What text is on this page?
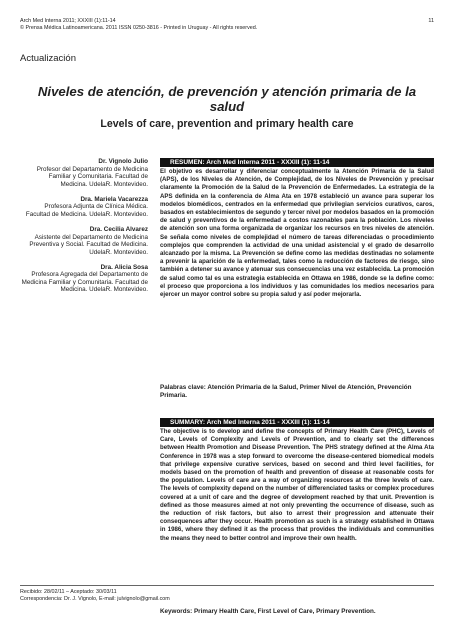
Arch Med Interna 2011; XXXIII (1):11-14
© Prensa Médica Latinoamericana. 2011 ISSN 0250-3816 - Printed in Uruguay - All rights reserved.
11
Actualización
Niveles de atención, de prevención y atención primaria de la salud
Levels of care, prevention and primary health care
Dr. Vignolo Julio
Profesor del Departamento de Medicina Familiar y Comunitaria. Facultad de Medicina. UdelaR. Montevideo.
Dra. Mariela Vacarezza
Profesora Adjunta de Clínica Médica. Facultad de Medicina. UdelaR. Montevideo.
Dra. Cecilia Alvarez
Asistente del Departamento de Medicina Preventiva y Social. Facultad de Medicina. UdelaR. Montevideo.
Dra. Alicia Sosa
Profesora Agregada del Departamento de Medicina Familiar y Comunitaria. Facultad de Medicina. UdelaR. Montevideo.
RESUMEN: Arch Med Interna 2011 - XXXIII (1): 11-14
El objetivo es desarrollar y diferenciar conceptualmente la Atención Primaria de la Salud (APS), de los Niveles de Atención, de Complejidad, de los Niveles de Prevención y precisar claramente la Promoción de la Salud de la Prevención de Enfermedades. La estrategia de la APS definida en la conferencia de Alma Ata en 1978 estableció un avance para superar los modelos biomédicos, centrados en la enfermedad que privilegian servicios curativos, caros, basados en establecimientos de segundo y tercer nivel por modelos basados en la promoción de salud y preventivos de la enfermedad a costos razonables para la población. Los niveles de atención son una forma organizada de organizar los recursos en tres niveles de atención. Se señala como niveles de complejidad el número de tareas diferenciadas o procedimiento complejos que comprenden la actividad de una unidad asistencial y el grado de desarrollo alcanzado por la misma. La Prevención se define como las medidas destinadas no solamente a prevenir la aparición de la enfermedad, tales como la reducción de factores de riesgo, sino también a detener su avance y atenuar sus consecuencias una vez establecida. La promoción de salud como tal es una estrategia establecida en Ottawa en 1986, donde se la define como: el proceso que proporciona a los individuos y las comunidades los medios necesarios para ejercer un mayor control sobre su propia salud y así poder mejorarla.
Palabras clave: Atención Primaria de la Salud, Primer Nivel de Atención, Prevención Primaria.
SUMMARY: Arch Med Interna 2011 - XXXIII (1): 11-14
The objective is to develop and define the concepts of Primary Health Care (PHC), Levels of Care, Levels of Complexity and Levels of Prevention, and to clearly set the differences between Health Promotion and Disease Prevention. The PHS strategy defined at the Alma Ata Conference in 1978 was a step forward to overcome the disease-centered biomedical models that privilege expensive curative services, based on second and third level facilities, for models based on the promotion of health and prevention of disease at reasonable costs for the population. Levels of care are a way of organizing resources at the three levels of care. The levels of complexity depend on the number of differenciated tasks or complex procedures covered at a unit of care and the degree of development reached by that unit. Prevention is defined as those measures aimed at not only preventing the occurrence of disease, such as the reduction of risk factors, but also to arrest their progression and attenuate their consequences after they occur. Health promotion as such is a strategy established in Ottawa in 1986, where they defined it as the process that provides the individuals and communities the means they need to better control and improve their own health.
Keywords: Primary Health Care, First Level of Care, Primary Prevention.
Recibido: 28/02/11 – Aceptado: 30/03/11
Correspondencia: Dr. J. Vignolo, E-mail: julvignolo@gmail.com
